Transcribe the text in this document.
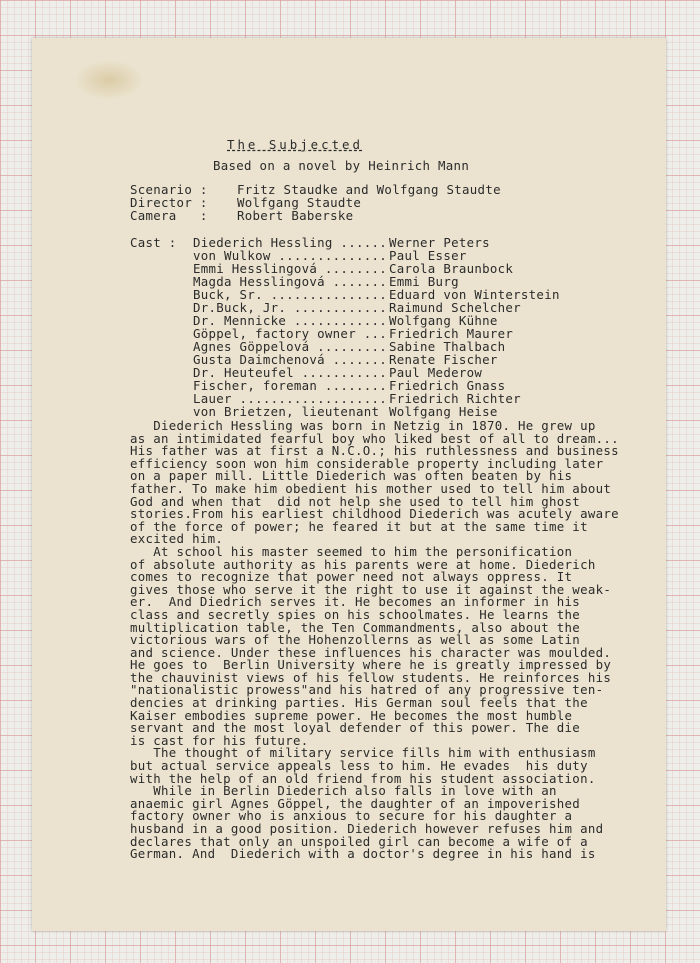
The Subjected
Based on a novel by Heinrich Mann
Scenario :	Fritz Staudke and Wolfgang Staudte
Director :	Wolfgang Staudte
Camera   :	Robert Baberske
Cast :	Diederich Hessling ...... Werner Peters
von Wulkow .............. Paul Esser
Emmi Hesslingová ........ Carola Braunbock
Magda Hesslingová ....... Emmi Burg
Buck, Sr. ............... Eduard von Winterstein
Dr.Buck, Jr. ............ Raimund Schelcher
Dr. Mennicke ............ Wolfgang Kühne
Göppel, factory owner ... Friedrich Maurer
Agnes Göppelová ......... Sabine Thalbach
Gusta Daimchenová ....... Renate Fischer
Dr. Heuteufel ........... Paul Mederow
Fischer, foreman ........ Friedrich Gnass
Lauer ................... Friedrich Richter
von Brietzen, lieutenant Wolfgang Heise
Diederich Hessling was born in Netzig in 1870. He grew up
as an intimidated fearful boy who liked best of all to dream...
His father was at first a N.C.O.; his ruthlessness and business
efficiency soon won him considerable property including later
on a paper mill. Little Diederich was often beaten by his
father. To make him obedient his mother used to tell him about
God and when that  did not help she used to tell him ghost
stories.From his earliest childhood Diederich was acutely aware
of the force of power; he feared it but at the same time it
excited him.
At school his master seemed to him the personification
of absolute authority as his parents were at home. Diederich
comes to recognize that power need not always oppress. It
gives those who serve it the right to use it against the weak-
er.  And Diedrich serves it. He becomes an informer in his
class and secretly spies on his schoolmates. He learns the
multiplication table, the Ten Commandments, also about the
victorious wars of the Hohenzollerns as well as some Latin
and science. Under these influences his character was moulded.
He goes to  Berlin University where he is greatly impressed by
the chauvinist views of his fellow students. He reinforces his
"nationalistic prowess"and his hatred of any progressive ten-
dencies at drinking parties. His German soul feels that the
Kaiser embodies supreme power. He becomes the most humble
servant and the most loyal defender of this power. The die
is cast for his future.
The thought of military service fills him with enthusiasm
but actual service appeals less to him. He evades  his duty
with the help of an old friend from his student association.
While in Berlin Diederich also falls in love with an
anaemic girl Agnes Göppel, the daughter of an impoverished
factory owner who is anxious to secure for his daughter a
husband in a good position. Diederich however refuses him and
declares that only an unspoiled girl can become a wife of a
German. And  Diederich with a doctor's degree in his hand is
